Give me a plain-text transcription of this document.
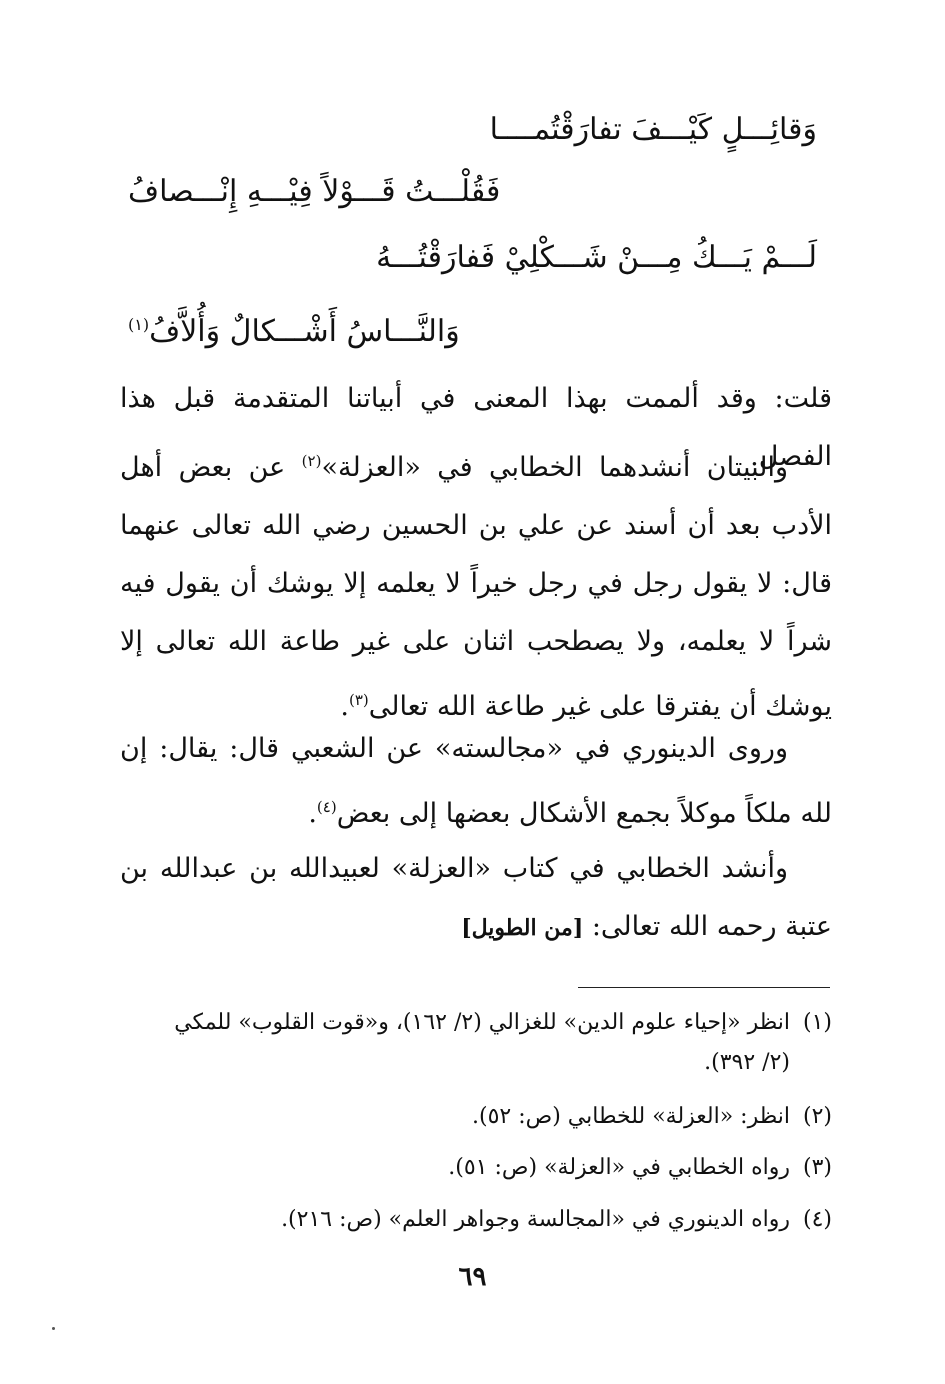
وَقائِـــلٍ كَيْـــفَ تفارَقْتُمــــا
فَقُلْـــتُ قَـــوْلاً فِيْـــهِ إِنْـــصافُ
لَـــمْ يَـــكُ مِـــنْ شَـــكْلِيْ فَفارَقْتُـــهُ
وَالنَّـــاسُ أَشْـــكالٌ وَأُلاَّفُ$^{(١)}$
قلت: وقد ألممت بهذا المعنى في أبياتنا المتقدمة قبل هذا الفصل.
والبيتان أنشدهما الخطابي في «العزلة»$^{(٢)}$ عن بعض أهل الأدب بعد أن أسند عن علي بن الحسين رضي الله تعالى عنهما قال: لا يقول رجل في رجل خيراً لا يعلمه إلا يوشك أن يقول فيه شراً لا يعلمه، ولا يصطحب اثنان على غير طاعة الله تعالى إلا يوشك أن يفترقا على غير طاعة الله تعالى$^{(٣)}$.
وروى الدينوري في «مجالسته» عن الشعبي قال: يقال: إن لله ملكاً موكلاً بجمع الأشكال بعضها إلى بعض$^{(٤)}$.
وأنشد الخطابي في كتاب «العزلة» لعبيدالله بن عبدالله بن عتبة رحمه الله تعالى: [من الطويل]
(١)انظر «إحياء علوم الدين» للغزالي (٢/ ١٦٢)، و«قوت القلوب» للمكي
(٢/ ٣٩٢).
(٢)انظر: «العزلة» للخطابي (ص: ٥٢).
(٣)رواه الخطابي في «العزلة» (ص: ٥١).
(٤)رواه الدينوري في «المجالسة وجواهر العلم» (ص: ٢١٦).
٦٩
